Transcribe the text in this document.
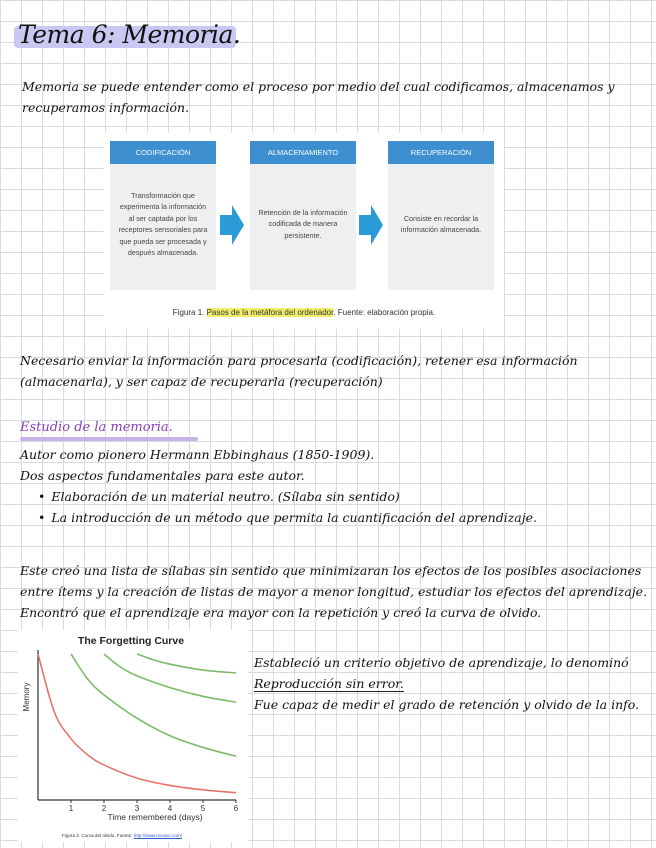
Tema 6: Memoria.
Memoria se puede entender como el proceso por medio del cual codificamos, almacenamos y recuperamos información.
CODIFICACIÓN
Transformación que experimenta la información al ser captada por los receptores sensoriales para que pueda ser procesada y después almacenada.
ALMACENAMIENTO
Retención de la información codificada de manera persistente.
RECUPERACIÓN
Consiste en recordar la información almacenada.
Figura 1. Pasos de la metáfora del ordenador. Fuente: elaboración propia.
Necesario enviar la información para procesarla (codificación), retener esa información (almacenarla), y ser capaz de recuperarla (recuperación)
Estudio de la memoria.
Autor como pionero Hermann Ebbinghaus (1850-1909).
Dos aspectos fundamentales para este autor.
• Elaboración de un material neutro. (Sílaba sin sentido)
• La introducción de un método que permita la cuantificación del aprendizaje.
Este creó una lista de sílabas sin sentido que minimizaran los efectos de los posibles asociaciones entre ítems y la creación de listas de mayor a menor longitud, estudiar los efectos del aprendizaje. Encontró que el aprendizaje era mayor con la repetición y creó la curva de olvido.
The Forgetting Curve
Memory
1	2	3	4	5	6
Time remembered (days)
Figura 2. Curva del olvido. Fuente: http://www.mosaic.com/
Estableció un criterio objetivo de aprendizaje, lo denominó
Reproducción sin error.
Fue capaz de medir el grado de retención y olvido de la info.
